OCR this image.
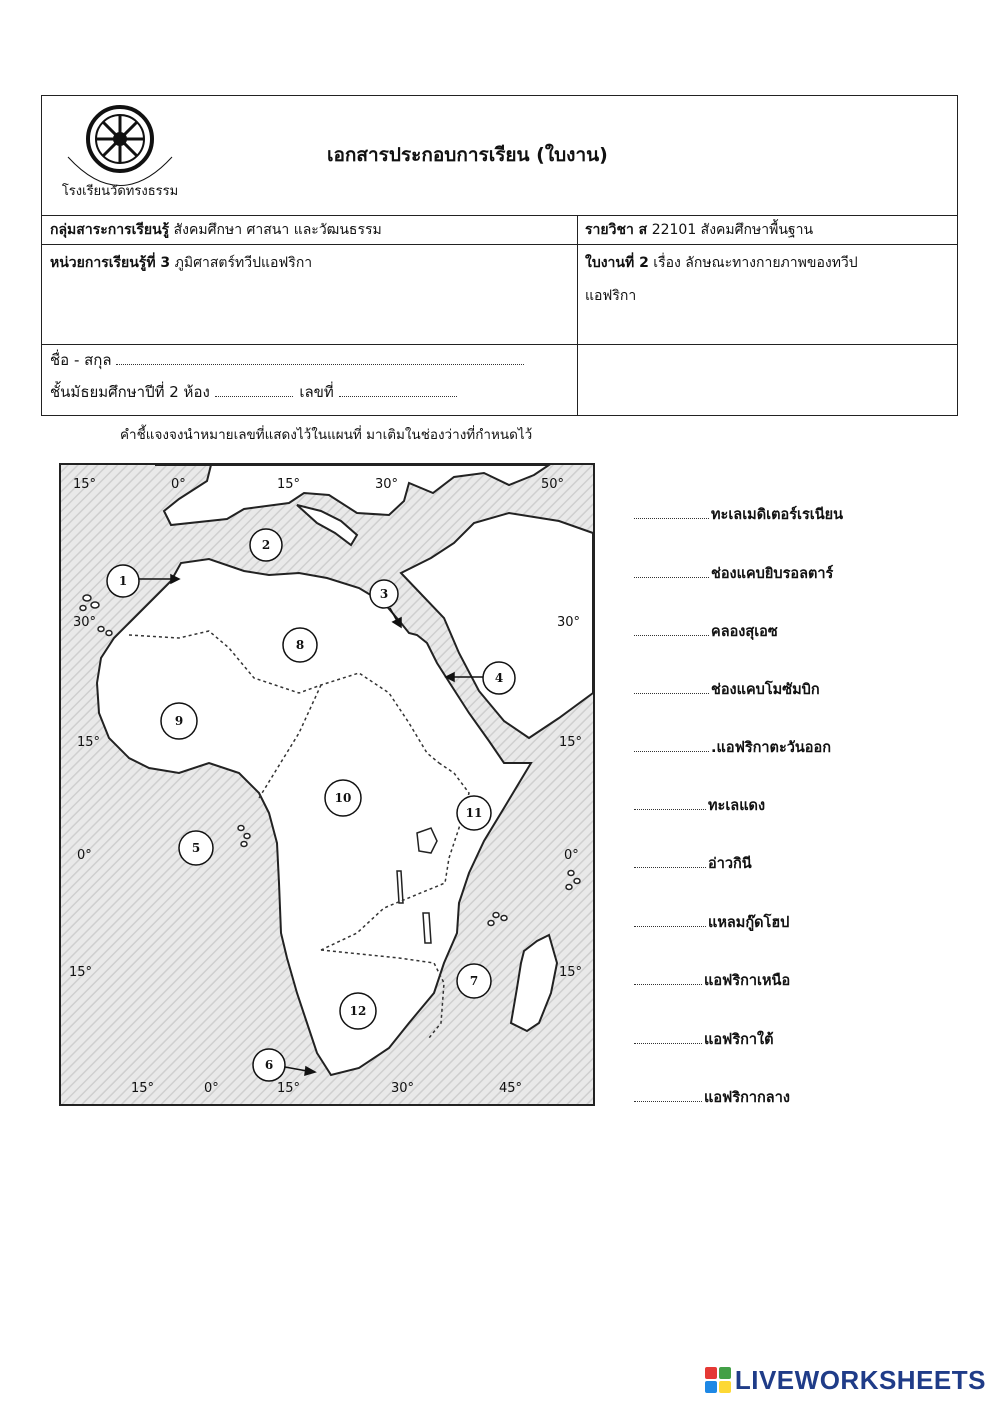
โรงเรียนวัดทรงธรรม
เอกสารประกอบการเรียน (ใบงาน)
กลุ่มสาระการเรียนรู้ สังคมศึกษา ศาสนา และวัฒนธรรม	รายวิชา ส 22101 สังคมศึกษาพื้นฐาน
หน่วยการเรียนรู้ที่ 3 ภูมิศาสตร์ทวีปแอฟริกา	ใบงานที่ 2 เรื่อง ลักษณะทางกายภาพของทวีป
แอฟริกา
ชื่อ - สกุล
ชั้นมัธยมศึกษาปีที่ 2 ห้อง	เลขที่
คำชี้แจงจงนำหมายเลขที่แสดงไว้ในแผนที่ มาเติมในช่องว่างที่กำหนดไว้
15°	0°	15°	30°	50°
15°	0°	15°	30°	45°
30°
15°
0°
15°
30°
15°
0°
15°
1
2
3
4
5
6
7
8
9
10
11
12
ทะเลเมดิเตอร์เรเนียน
ช่องแคบยิบรอลตาร์
คลองสุเอซ
ช่องแคบโมซัมบิก
.แอฟริกาตะวันออก
ทะเลแดง
อ่าวกินี
แหลมกู๊ดโฮป
แอฟริกาเหนือ
แอฟริกาใต้
แอฟริกากลาง
LIVEWORKSHEETS
